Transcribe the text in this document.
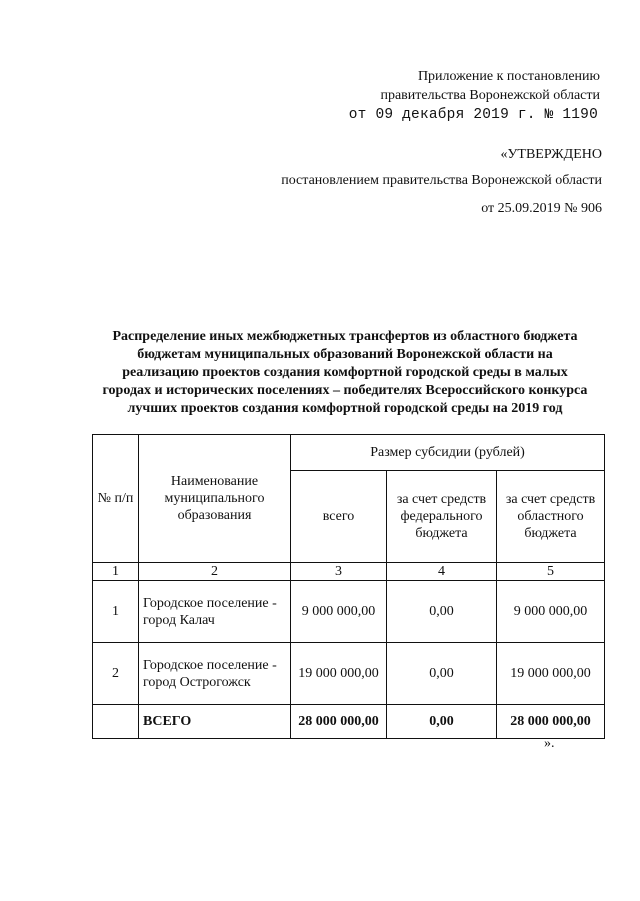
Приложение к постановлению
правительства Воронежской области
от 09 декабря 2019 г. № 1190
«УТВЕРЖДЕНО
постановлением правительства Воронежской области
от 25.09.2019 № 906
Распределение иных межбюджетных трансфертов из областного бюджета
бюджетам муниципальных образований Воронежской области на
реализацию проектов создания комфортной городской среды в малых
городах и исторических поселениях – победителях Всероссийского конкурса
лучших проектов создания комфортной городской среды на 2019 год
№ п/п	Наименование муниципального образования	Размер субсидии (рублей)		
		всего	за счет средств федерального бюджета	за счет средств областного бюджета
1	2	3	4	5
1	Городское поселение - город Калач	9 000 000,00	0,00	9 000 000,00
2	Городское поселение - город Острогожск	19 000 000,00	0,00	19 000 000,00
	ВСЕГО	28 000 000,00	0,00	28 000 000,00
».
